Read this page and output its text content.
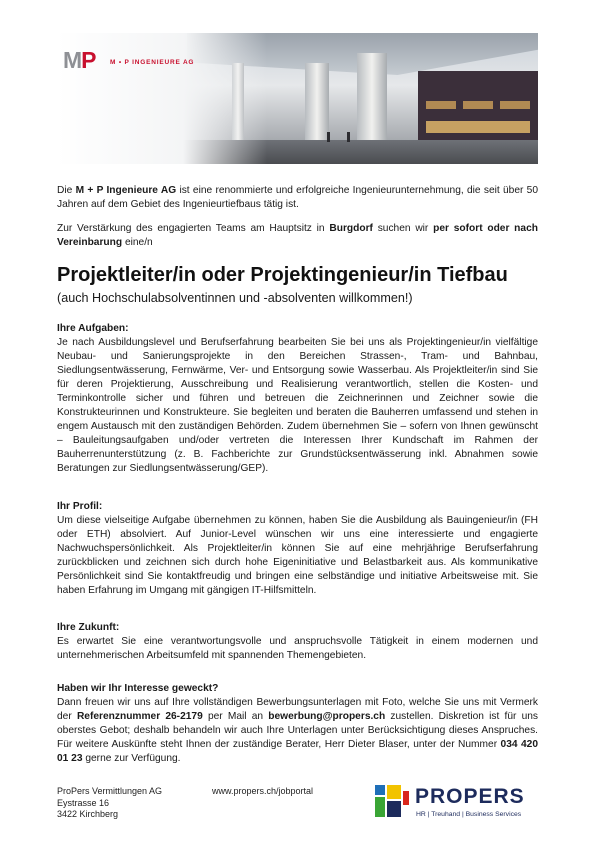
MP M • P INGENIEURE AG
Die M + P Ingenieure AG ist eine renommierte und erfolgreiche Ingenieurunternehmung, die seit über 50 Jahren auf dem Gebiet des Ingenieurtiefbaus tätig ist.
Zur Verstärkung des engagierten Teams am Hauptsitz in Burgdorf suchen wir per sofort oder nach Vereinbarung eine/n
Projektleiter/in oder Projektingenieur/in Tiefbau
(auch Hochschulabsolventinnen und -absolventen willkommen!)
Ihre Aufgaben:
Je nach Ausbildungslevel und Berufserfahrung bearbeiten Sie bei uns als Projektingenieur/in vielfältige Neubau- und Sanierungsprojekte in den Bereichen Strassen-, Tram- und Bahnbau, Siedlungsentwässerung, Fernwärme, Ver- und Entsorgung sowie Wasserbau. Als Projektleiter/in sind Sie für deren Projektierung, Ausschreibung und Realisierung verantwortlich, stellen die Kosten- und Terminkontrolle sicher und führen und betreuen die Zeichnerinnen und Zeichner sowie die Konstrukteurinnen und Konstrukteure. Sie begleiten und beraten die Bauherren umfassend und stehen in engem Austausch mit den zuständigen Behörden. Zudem übernehmen Sie – sofern von Ihnen gewünscht – Bauleitungsaufgaben und/oder vertreten die Interessen Ihrer Kundschaft im Rahmen der Bauherrenunterstützung (z. B. Fachberichte zur Grundstücksentwässerung inkl. Abnahmen sowie Beratungen zur Siedlungsentwässerung/GEP).
Ihr Profil:
Um diese vielseitige Aufgabe übernehmen zu können, haben Sie die Ausbildung als Bauingenieur/in (FH oder ETH) absolviert. Auf Junior-Level wünschen wir uns eine interessierte und engagierte Nachwuchspersönlichkeit. Als Projektleiter/in können Sie auf eine mehrjährige Berufserfahrung zurückblicken und zeichnen sich durch hohe Eigeninitiative und Belastbarkeit aus. Als kommunikative Persönlichkeit sind Sie kontaktfreudig und bringen eine selbständige und initiative Arbeitsweise mit. Sie haben Erfahrung im Umgang mit gängigen IT-Hilfsmitteln.
Ihre Zukunft:
Es erwartet Sie eine verantwortungsvolle und anspruchsvolle Tätigkeit in einem modernen und unternehmerischen Arbeitsumfeld mit spannenden Themengebieten.
Haben wir Ihr Interesse geweckt?
Dann freuen wir uns auf Ihre vollständigen Bewerbungsunterlagen mit Foto, welche Sie uns mit Vermerk der Referenznummer 26-2179 per Mail an bewerbung@propers.ch zustellen. Diskretion ist für uns oberstes Gebot; deshalb behandeln wir auch Ihre Unterlagen unter Berücksichtigung dieses Anspruches. Für weitere Auskünfte steht Ihnen der zuständige Berater, Herr Dieter Blaser, unter der Nummer 034 420 01 23 gerne zur Verfügung.
ProPers Vermittlungen AG
Eystrasse 16
3422 Kirchberg
www.propers.ch/jobportal	PROPERS
HR | Treuhand | Business Services
